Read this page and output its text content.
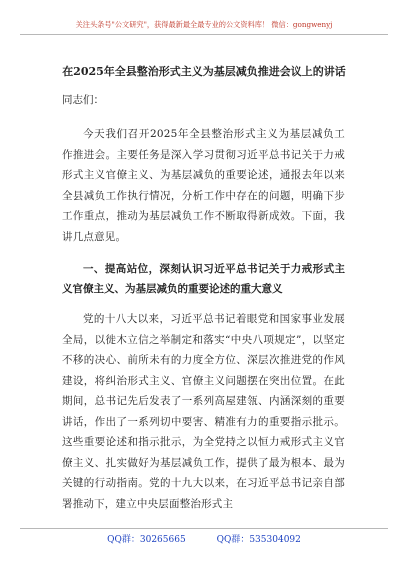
关注头条号"公文研究"，获得最新最全最专业的公文资料库！ 微信：gongwenyj
在2025年全县整治形式主义为基层减负推进会议上的讲话
同志们：

今天我们召开2025年全县整治形式主义为基层减负工作推进会。主要任务是深入学习贯彻习近平总书记关于力戒形式主义官僚主义、为基层减负的重要论述，通报去年以来全县减负工作执行情况，分析工作中存在的问题，明确下步工作重点，推动为基层减负工作不断取得新成效。下面，我讲几点意见。

一、提高站位，深刻认识习近平总书记关于力戒形式主义官僚主义、为基层减负的重要论述的重大意义

党的十八大以来，习近平总书记着眼党和国家事业发展全局，以徙木立信之举制定和落实“中央八项规定”，以坚定不移的决心、前所未有的力度全方位、深层次推进党的作风建设，将纠治形式主义、官僚主义问题摆在突出位置。在此期间，总书记先后发表了一系列高屋建瓴、内涵深刻的重要讲话，作出了一系列切中要害、精准有力的重要指示批示。这些重要论述和指示批示，为全党持之以恒力戒形式主义官僚主义、扎实做好为基层减负工作，提供了最为根本、最为关键的行动指南。党的十九大以来，在习近平总书记亲自部署推动下，建立中央层面整治形式主

QQ群：30265665	QQ群：535304092
